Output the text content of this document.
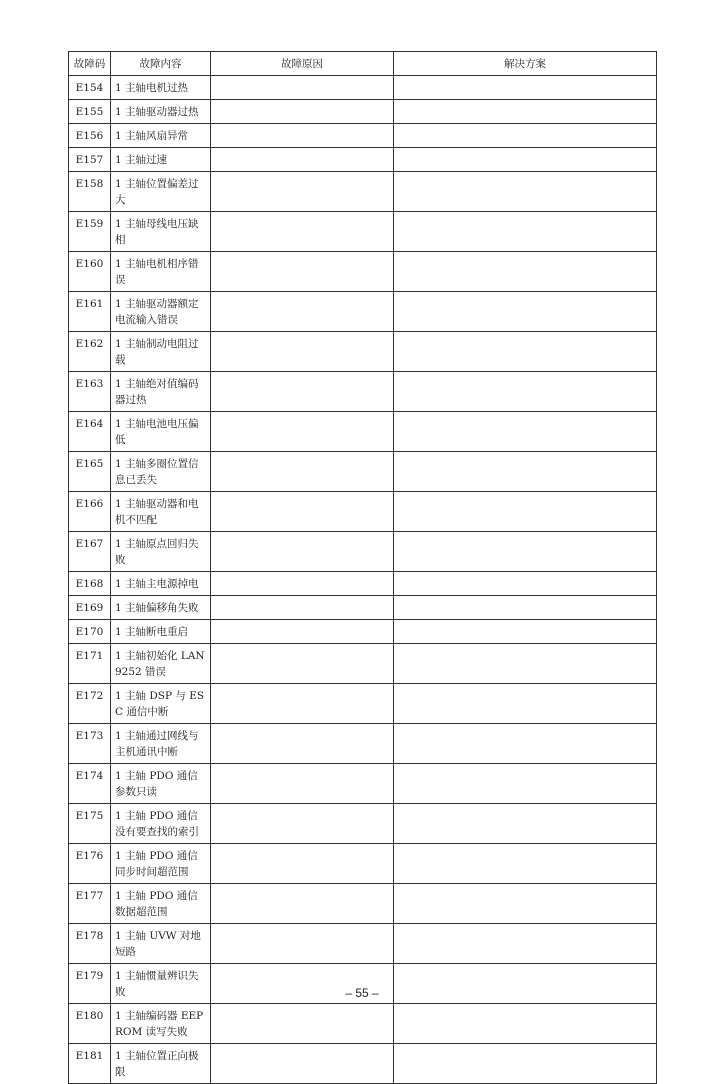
故障码	故障内容	故障原因	解决方案
E154	1 主轴电机过热		
E155	1 主轴驱动器过热		
E156	1 主轴风扇异常		
E157	1 主轴过速		
E158	1 主轴位置偏差过大		
E159	1 主轴母线电压缺相		
E160	1 主轴电机相序错误		
E161	1 主轴驱动器额定电流输入错误		
E162	1 主轴制动电阻过载		
E163	1 主轴绝对值编码器过热		
E164	1 主轴电池电压偏低		
E165	1 主轴多圈位置信息已丢失		
E166	1 主轴驱动器和电机不匹配		
E167	1 主轴原点回归失败		
E168	1 主轴主电源掉电		
E169	1 主轴偏移角失败		
E170	1 主轴断电重启		
E171	1 主轴初始化 LAN9252 错误		
E172	1 主轴 DSP 与 ESC 通信中断		
E173	1 主轴通过网线与主机通讯中断		
E174	1 主轴 PDO 通信参数只读		
E175	1 主轴 PDO 通信没有要查找的索引		
E176	1 主轴 PDO 通信同步时间超范围		
E177	1 主轴 PDO 通信数据超范围		
E178	1 主轴 UVW 对地短路		
E179	1 主轴惯量辨识失败		
E180	1 主轴编码器 EEPROM 读写失败		
E181	1 主轴位置正向极限		
– 55 –
